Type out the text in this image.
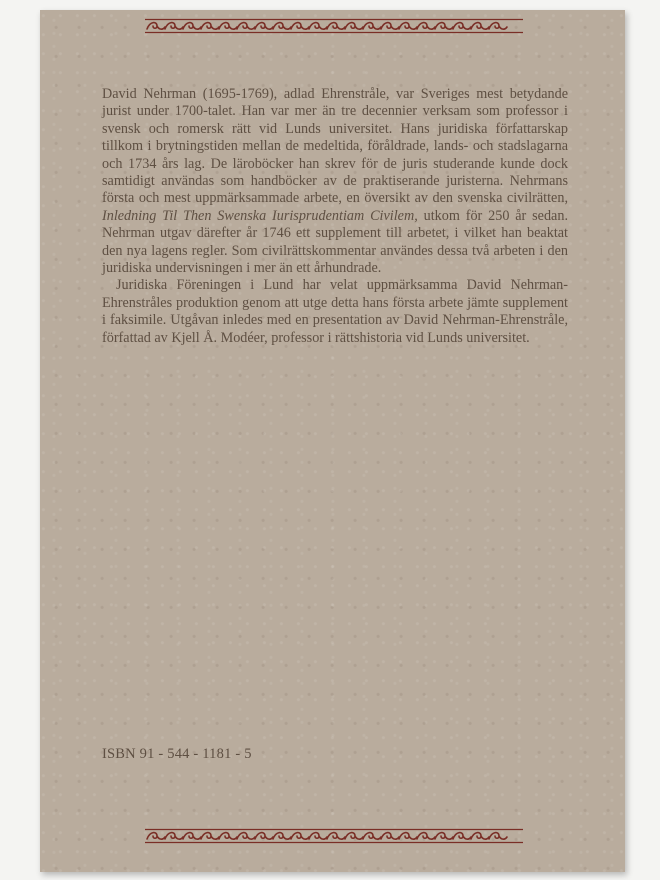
David Nehrman (1695-1769), adlad Ehrenstråle, var Sveriges mest betydande jurist under 1700-talet. Han var mer än tre decennier verksam som professor i svensk och romersk rätt vid Lunds universitet. Hans juridiska författarskap tillkom i brytningstiden mellan de medeltida, föråldrade, lands- och stadslagarna och 1734 års lag. De läroböcker han skrev för de juris studerande kunde dock samtidigt användas som handböcker av de praktiserande juristerna. Nehrmans första och mest uppmärksammade arbete, en översikt av den svenska civilrätten, Inledning Til Then Swenska Iurisprudentiam Civilem, utkom för 250 år sedan. Nehrman utgav därefter år 1746 ett supplement till arbetet, i vilket han beaktat den nya lagens regler. Som civilrättskommentar användes dessa två arbeten i den juridiska undervisningen i mer än ett århundrade.

Juridiska Föreningen i Lund har velat uppmärksamma David Nehrman-Ehrenstråles produktion genom att utge detta hans första arbete jämte supplement i faksimile. Utgåvan inledes med en presentation av David Nehrman-Ehrenstråle, författad av Kjell Å. Modéer, professor i rättshistoria vid Lunds universitet.

ISBN 91 - 544 - 1181 - 5
